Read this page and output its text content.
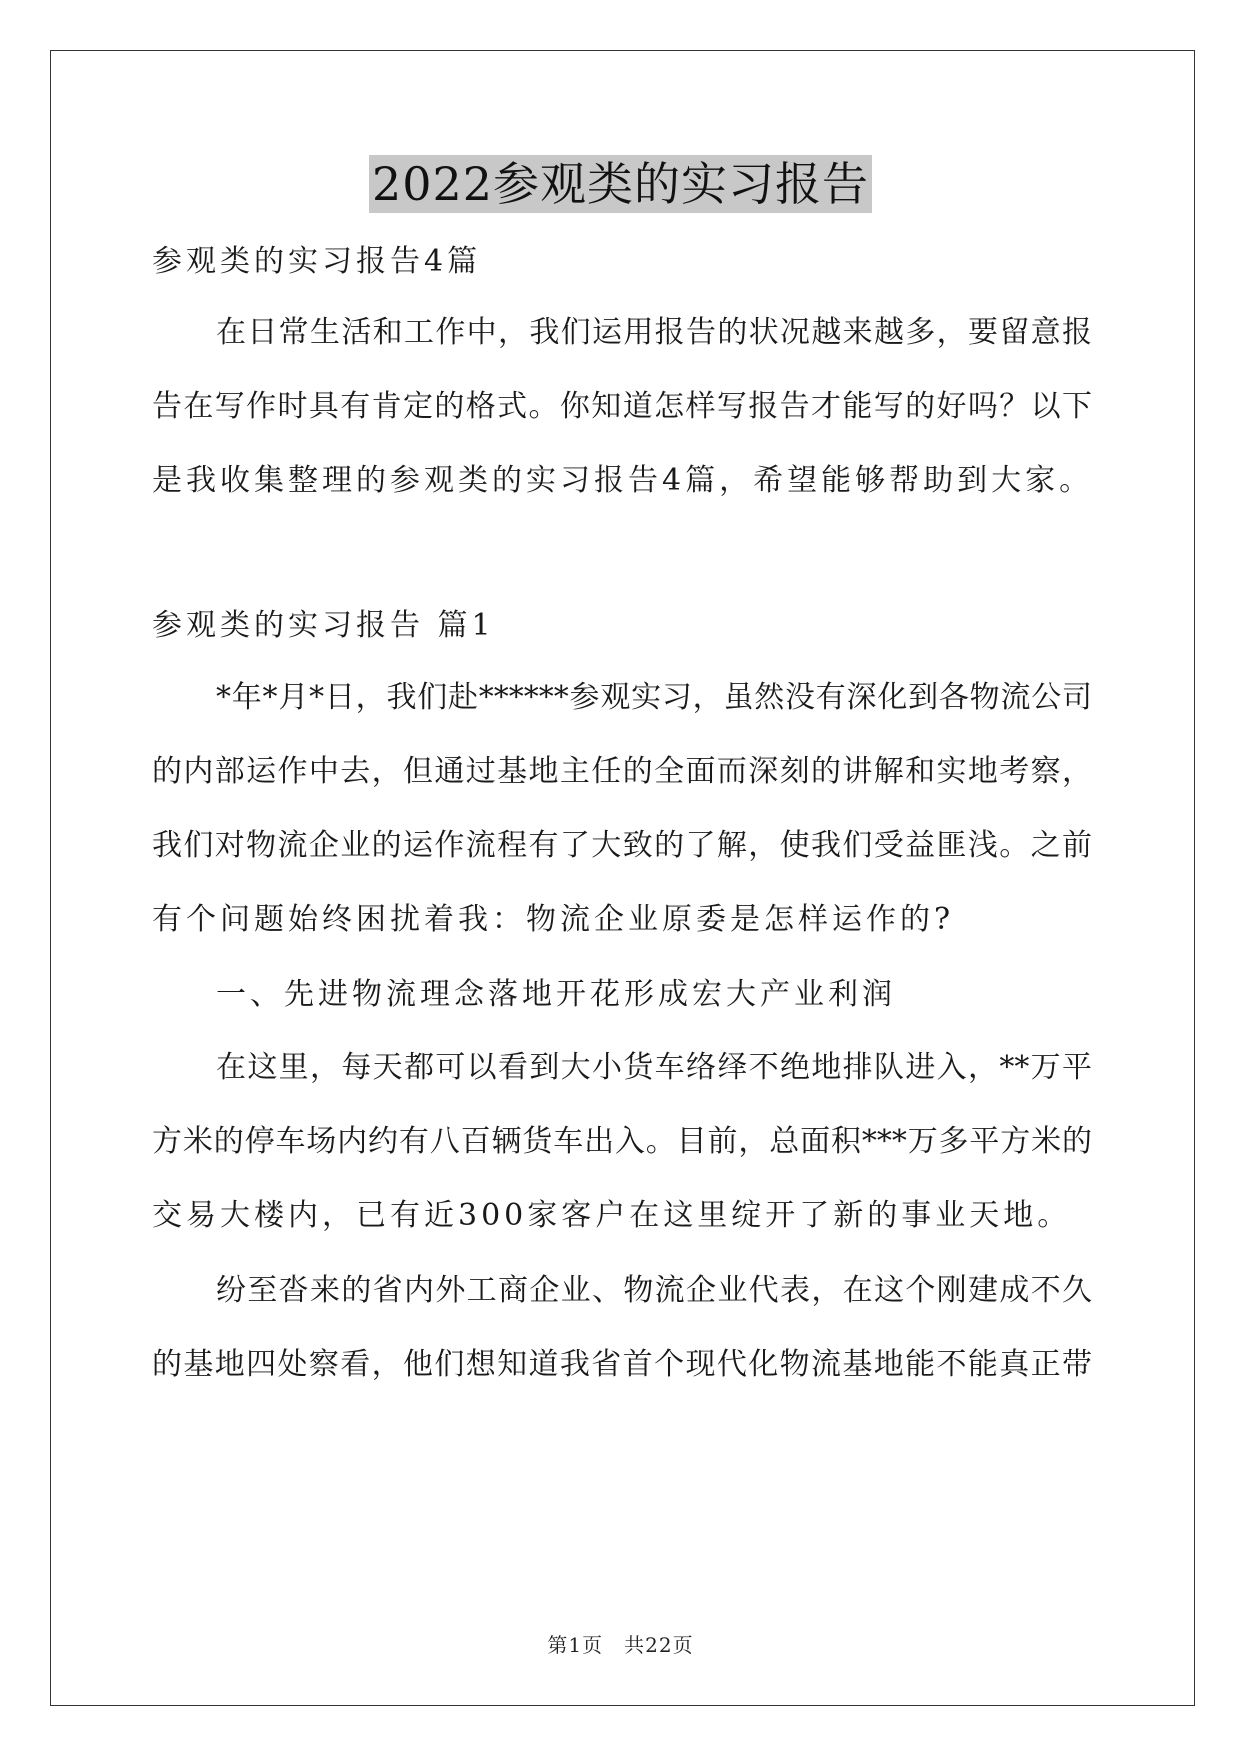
2022参观类的实习报告
参观类的实习报告4篇
在日常生活和工作中，我们运用报告的状况越来越多，要留意报
告在写作时具有肯定的格式。你知道怎样写报告才能写的好吗？以下
是我收集整理的参观类的实习报告4篇，希望能够帮助到大家。
参观类的实习报告 篇1
*年*月*日，我们赴******参观实习，虽然没有深化到各物流公司
的内部运作中去，但通过基地主任的全面而深刻的讲解和实地考察，
我们对物流企业的运作流程有了大致的了解，使我们受益匪浅。之前
有个问题始终困扰着我：物流企业原委是怎样运作的?
一、先进物流理念落地开花形成宏大产业利润
在这里，每天都可以看到大小货车络绎不绝地排队进入，**万平
方米的停车场内约有八百辆货车出入。目前，总面积***万多平方米的
交易大楼内，已有近300家客户在这里绽开了新的事业天地。
纷至沓来的省内外工商企业、物流企业代表，在这个刚建成不久
的基地四处察看，他们想知道我省首个现代化物流基地能不能真正带
第1页　共22页
